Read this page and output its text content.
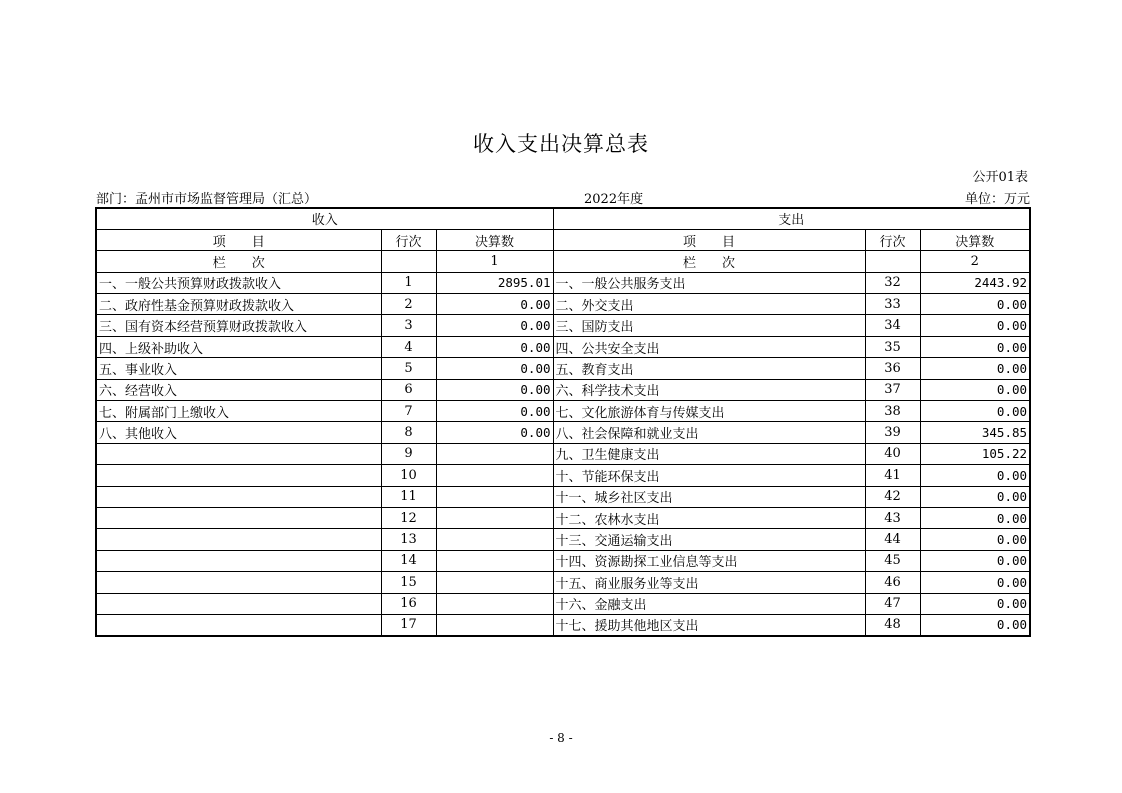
收入支出决算总表
公开01表
部门：孟州市市场监督管理局（汇总）	2022年度	单位：万元
收入			支出		
项　　目	行次	决算数	项　　目	行次	决算数
栏　　次		1	栏　　次		2
一、一般公共预算财政拨款收入	1	2895.01	一、一般公共服务支出	32	2443.92
二、政府性基金预算财政拨款收入	2	0.00	二、外交支出	33	0.00
三、国有资本经营预算财政拨款收入	3	0.00	三、国防支出	34	0.00
四、上级补助收入	4	0.00	四、公共安全支出	35	0.00
五、事业收入	5	0.00	五、教育支出	36	0.00
六、经营收入	6	0.00	六、科学技术支出	37	0.00
七、附属部门上缴收入	7	0.00	七、文化旅游体育与传媒支出	38	0.00
八、其他收入	8	0.00	八、社会保障和就业支出	39	345.85
	9		九、卫生健康支出	40	105.22
	10		十、节能环保支出	41	0.00
	11		十一、城乡社区支出	42	0.00
	12		十二、农林水支出	43	0.00
	13		十三、交通运输支出	44	0.00
	14		十四、资源勘探工业信息等支出	45	0.00
	15		十五、商业服务业等支出	46	0.00
	16		十六、金融支出	47	0.00
	17		十七、援助其他地区支出	48	0.00
- 8 -
